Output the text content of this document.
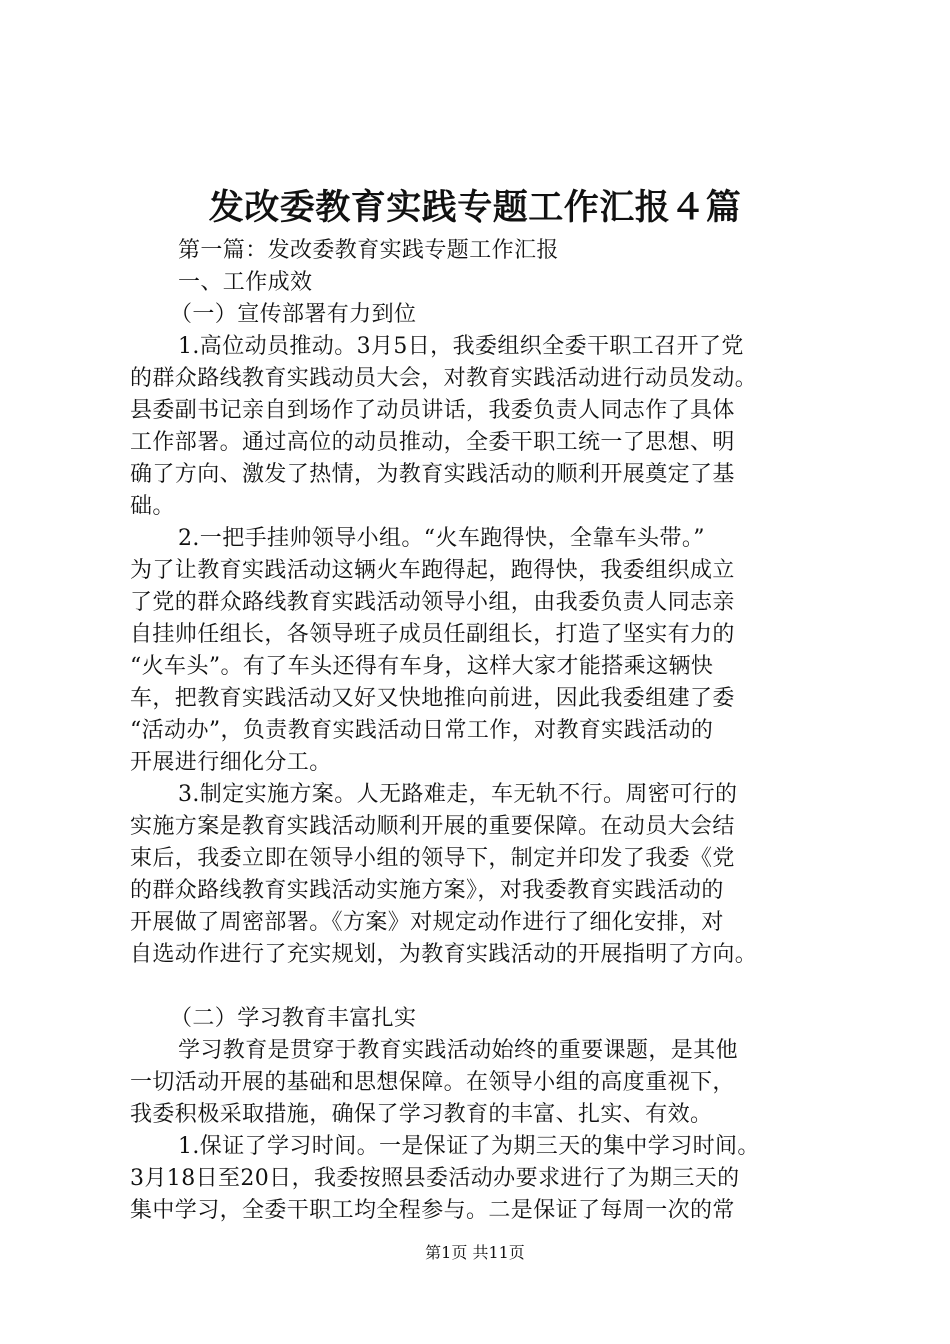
发改委教育实践专题工作汇报４篇
第一篇：发改委教育实践专题工作汇报
一、工作成效
（一）宣传部署有力到位
1.高位动员推动。3月5日，我委组织全委干职工召开了党
的群众路线教育实践动员大会，对教育实践活动进行动员发动。
县委副书记亲自到场作了动员讲话，我委负责人同志作了具体
工作部署。通过高位的动员推动，全委干职工统一了思想、明
确了方向、激发了热情，为教育实践活动的顺利开展奠定了基
础。
2.一把手挂帅领导小组。“火车跑得快，全靠车头带。”
为了让教育实践活动这辆火车跑得起，跑得快，我委组织成立
了党的群众路线教育实践活动领导小组，由我委负责人同志亲
自挂帅任组长，各领导班子成员任副组长，打造了坚实有力的
“火车头”。有了车头还得有车身，这样大家才能搭乘这辆快
车，把教育实践活动又好又快地推向前进，因此我委组建了委
“活动办”，负责教育实践活动日常工作，对教育实践活动的
开展进行细化分工。
3.制定实施方案。人无路难走，车无轨不行。周密可行的
实施方案是教育实践活动顺利开展的重要保障。在动员大会结
束后，我委立即在领导小组的领导下，制定并印发了我委《党
的群众路线教育实践活动实施方案》，对我委教育实践活动的
开展做了周密部署。《方案》对规定动作进行了细化安排，对
自选动作进行了充实规划，为教育实践活动的开展指明了方向。
（二）学习教育丰富扎实
学习教育是贯穿于教育实践活动始终的重要课题，是其他
一切活动开展的基础和思想保障。在领导小组的高度重视下，
我委积极采取措施，确保了学习教育的丰富、扎实、有效。
1.保证了学习时间。一是保证了为期三天的集中学习时间。
3月18日至20日，我委按照县委活动办要求进行了为期三天的
集中学习，全委干职工均全程参与。二是保证了每周一次的常
第1页 共11页
